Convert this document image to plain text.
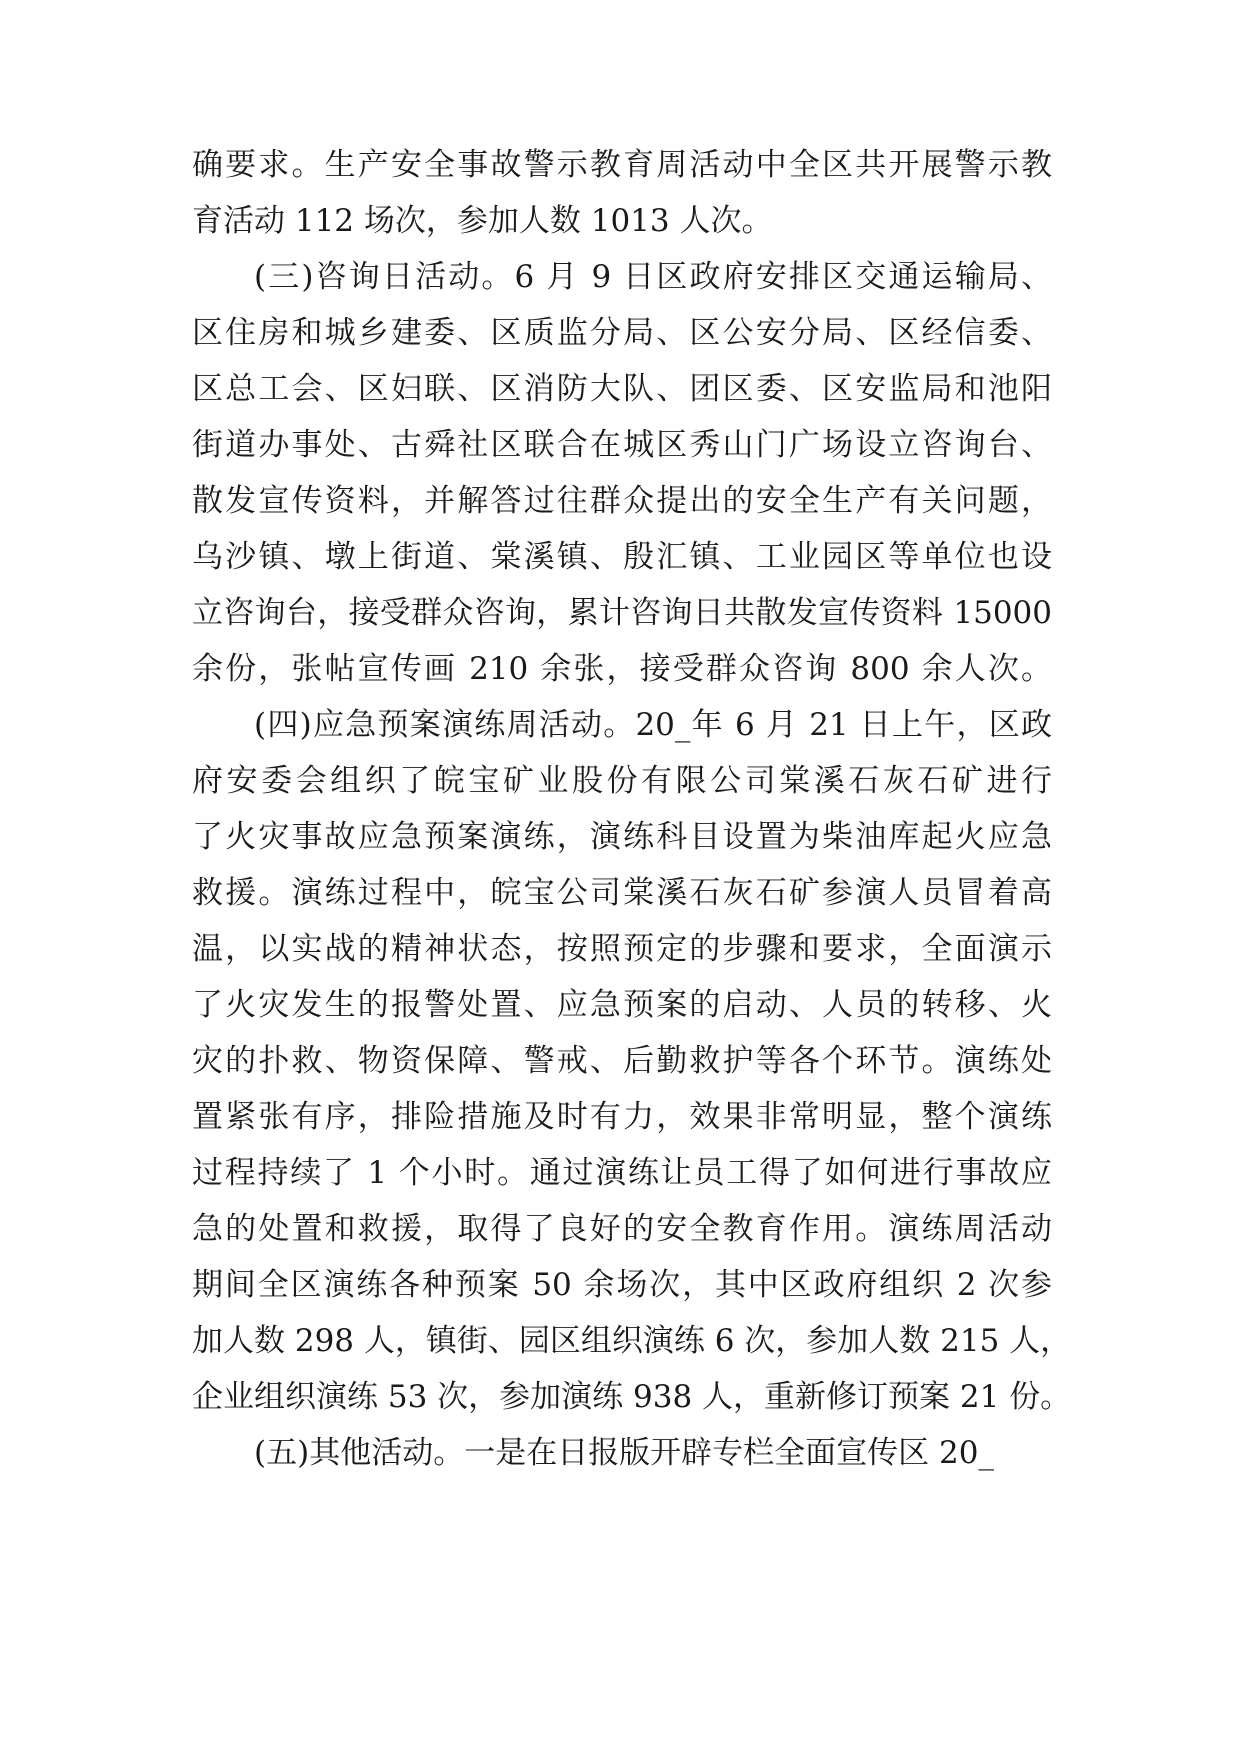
确要求。生产安全事故警示教育周活动中全区共开展警示教
育活动 112 场次，参加人数 1013 人次。
(三)咨询日活动。6 月 9 日区政府安排区交通运输局、
区住房和城乡建委、区质监分局、区公安分局、区经信委、
区总工会、区妇联、区消防大队、团区委、区安监局和池阳
街道办事处、古舜社区联合在城区秀山门广场设立咨询台、
散发宣传资料，并解答过往群众提出的安全生产有关问题，
乌沙镇、墩上街道、棠溪镇、殷汇镇、工业园区等单位也设
立咨询台，接受群众咨询，累计咨询日共散发宣传资料 15000
余份，张帖宣传画 210 余张，接受群众咨询 800 余人次。
(四)应急预案演练周活动。20_年 6 月 21 日上午，区政
府安委会组织了皖宝矿业股份有限公司棠溪石灰石矿进行
了火灾事故应急预案演练，演练科目设置为柴油库起火应急
救援。演练过程中，皖宝公司棠溪石灰石矿参演人员冒着高
温，以实战的精神状态，按照预定的步骤和要求，全面演示
了火灾发生的报警处置、应急预案的启动、人员的转移、火
灾的扑救、物资保障、警戒、后勤救护等各个环节。演练处
置紧张有序，排险措施及时有力，效果非常明显，整个演练
过程持续了 1 个小时。通过演练让员工得了如何进行事故应
急的处置和救援，取得了良好的安全教育作用。演练周活动
期间全区演练各种预案 50 余场次，其中区政府组织 2 次参
加人数 298 人，镇街、园区组织演练 6 次，参加人数 215 人，
企业组织演练 53 次，参加演练 938 人，重新修订预案 21 份。
(五)其他活动。一是在日报版开辟专栏全面宣传区 20_
